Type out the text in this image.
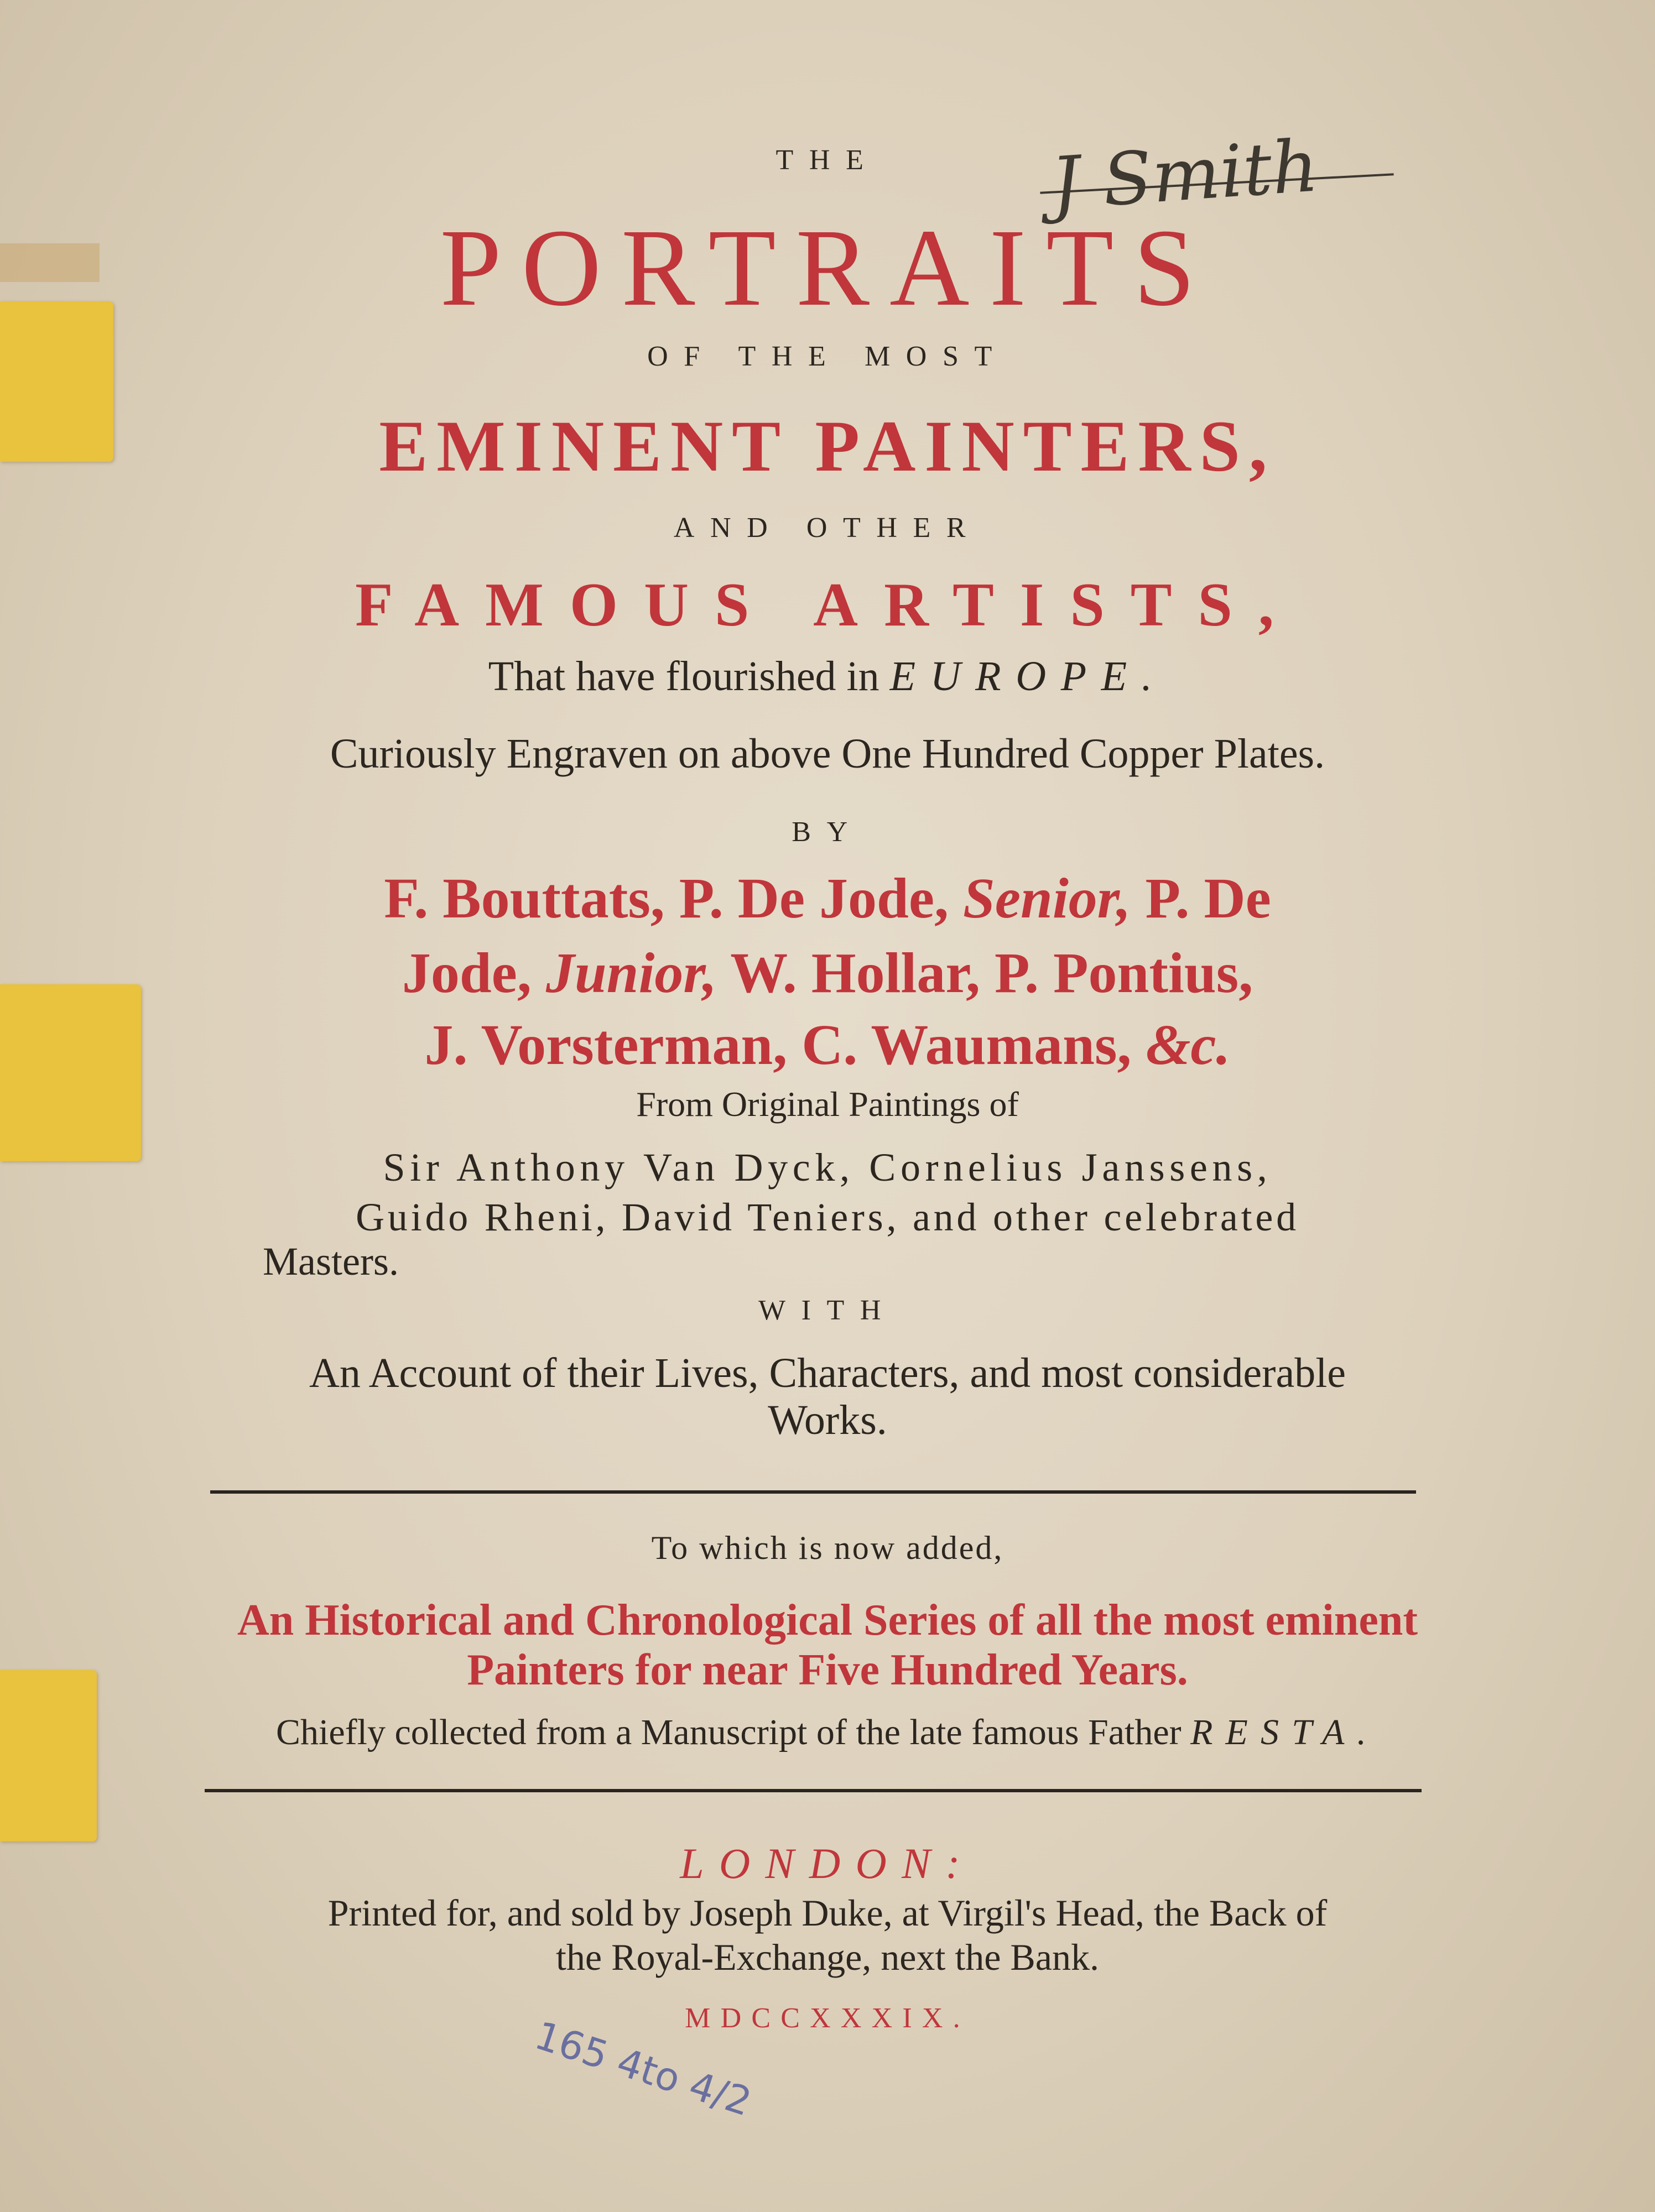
J Smith
THE
PORTRAITS
OF THE MOST
EMINENT PAINTERS,
AND OTHER
FAMOUS ARTISTS,
That have flourished in EUROPE.
Curiously Engraven on above One Hundred Copper Plates.
BY
F. Bouttats, P. De Jode, Senior, P. De
Jode, Junior, W. Hollar, P. Pontius,
J. Vorsterman, C. Waumans, &c.
From Original Paintings of
Sir Anthony Van Dyck, Cornelius Janssens,
Guido Rheni, David Teniers, and other celebrated
Masters.
WITH
An Account of their Lives, Characters, and most considerable
Works.
To which is now added,
An Historical and Chronological Series of all the most eminent
Painters for near Five Hundred Years.
Chiefly collected from a Manuscript of the late famous Father RESTA.
LONDON:
Printed for, and sold by Joseph Duke, at Virgil's Head, the Back of
the Royal-Exchange, next the Bank.
MDCCXXXIX.
165 4to 4/2
